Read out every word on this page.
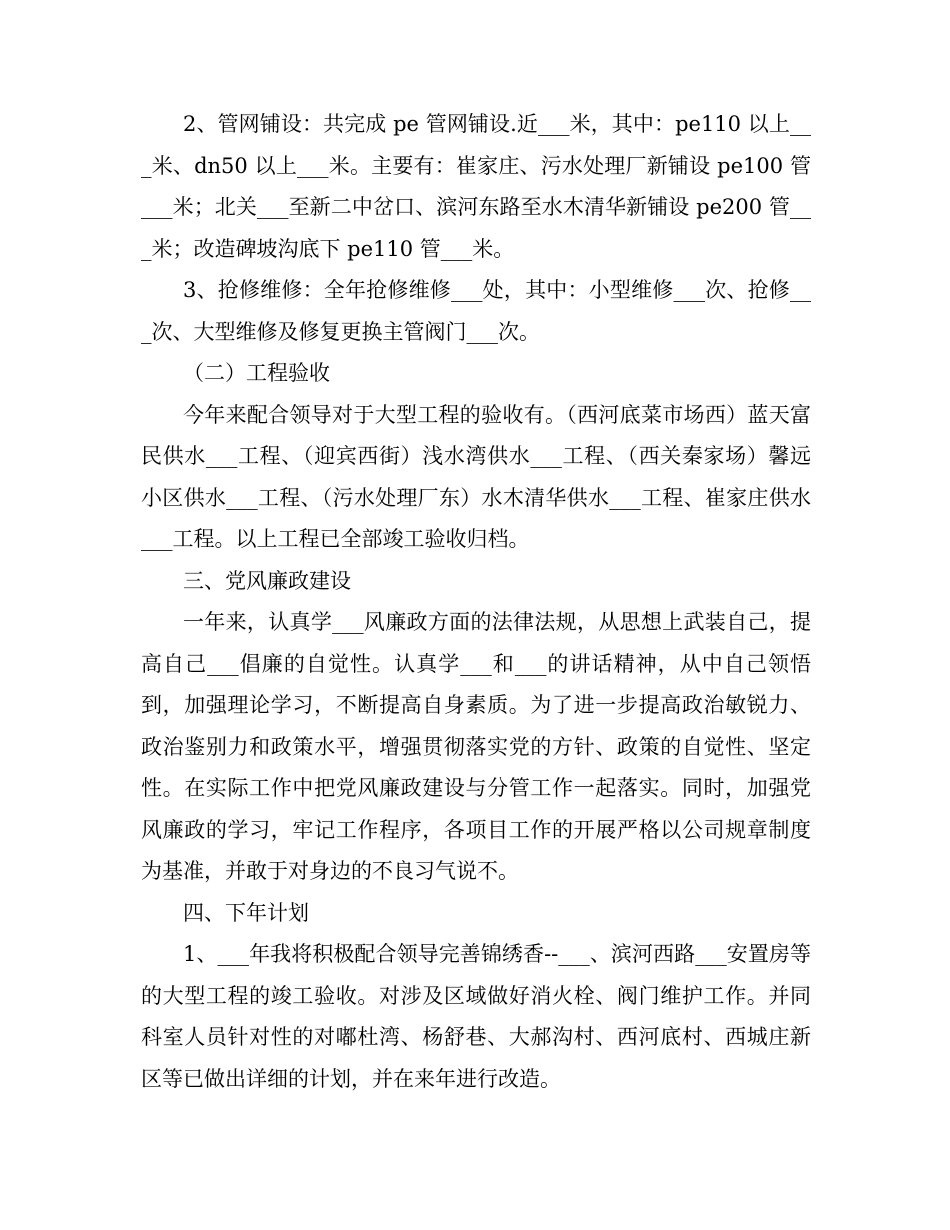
2、管网铺设：共完成 pe 管网铺设.近___米，其中：pe110 以上___米、dn50 以上___米。主要有：崔家庄、污水处理厂新铺设 pe100 管___米；北关___至新二中岔口、滨河东路至水木清华新铺设 pe200 管___米；改造碑坡沟底下 pe110 管___米。

3、抢修维修：全年抢修维修___处，其中：小型维修___次、抢修___次、大型维修及修复更换主管阀门___次。

（二）工程验收

今年来配合领导对于大型工程的验收有。（西河底菜市场西）蓝天富民供水___工程、（迎宾西街）浅水湾供水___工程、（西关秦家场）馨远小区供水___工程、（污水处理厂东）水木清华供水___工程、崔家庄供水___工程。以上工程已全部竣工验收归档。

三、党风廉政建设

一年来，认真学___风廉政方面的法律法规，从思想上武装自己，提高自己___倡廉的自觉性。认真学___和___的讲话精神，从中自己领悟到，加强理论学习，不断提高自身素质。为了进一步提高政治敏锐力、政治鉴别力和政策水平，增强贯彻落实党的方针、政策的自觉性、坚定性。在实际工作中把党风廉政建设与分管工作一起落实。同时，加强党风廉政的学习，牢记工作程序，各项目工作的开展严格以公司规章制度为基准，并敢于对身边的不良习气说不。

四、下年计划

1、___年我将积极配合领导完善锦绣香--___、滨河西路___安置房等的大型工程的竣工验收。对涉及区域做好消火栓、阀门维护工作。并同科室人员针对性的对嘟杜湾、杨舒巷、大郝沟村、西河底村、西城庄新区等已做出详细的计划，并在来年进行改造。
